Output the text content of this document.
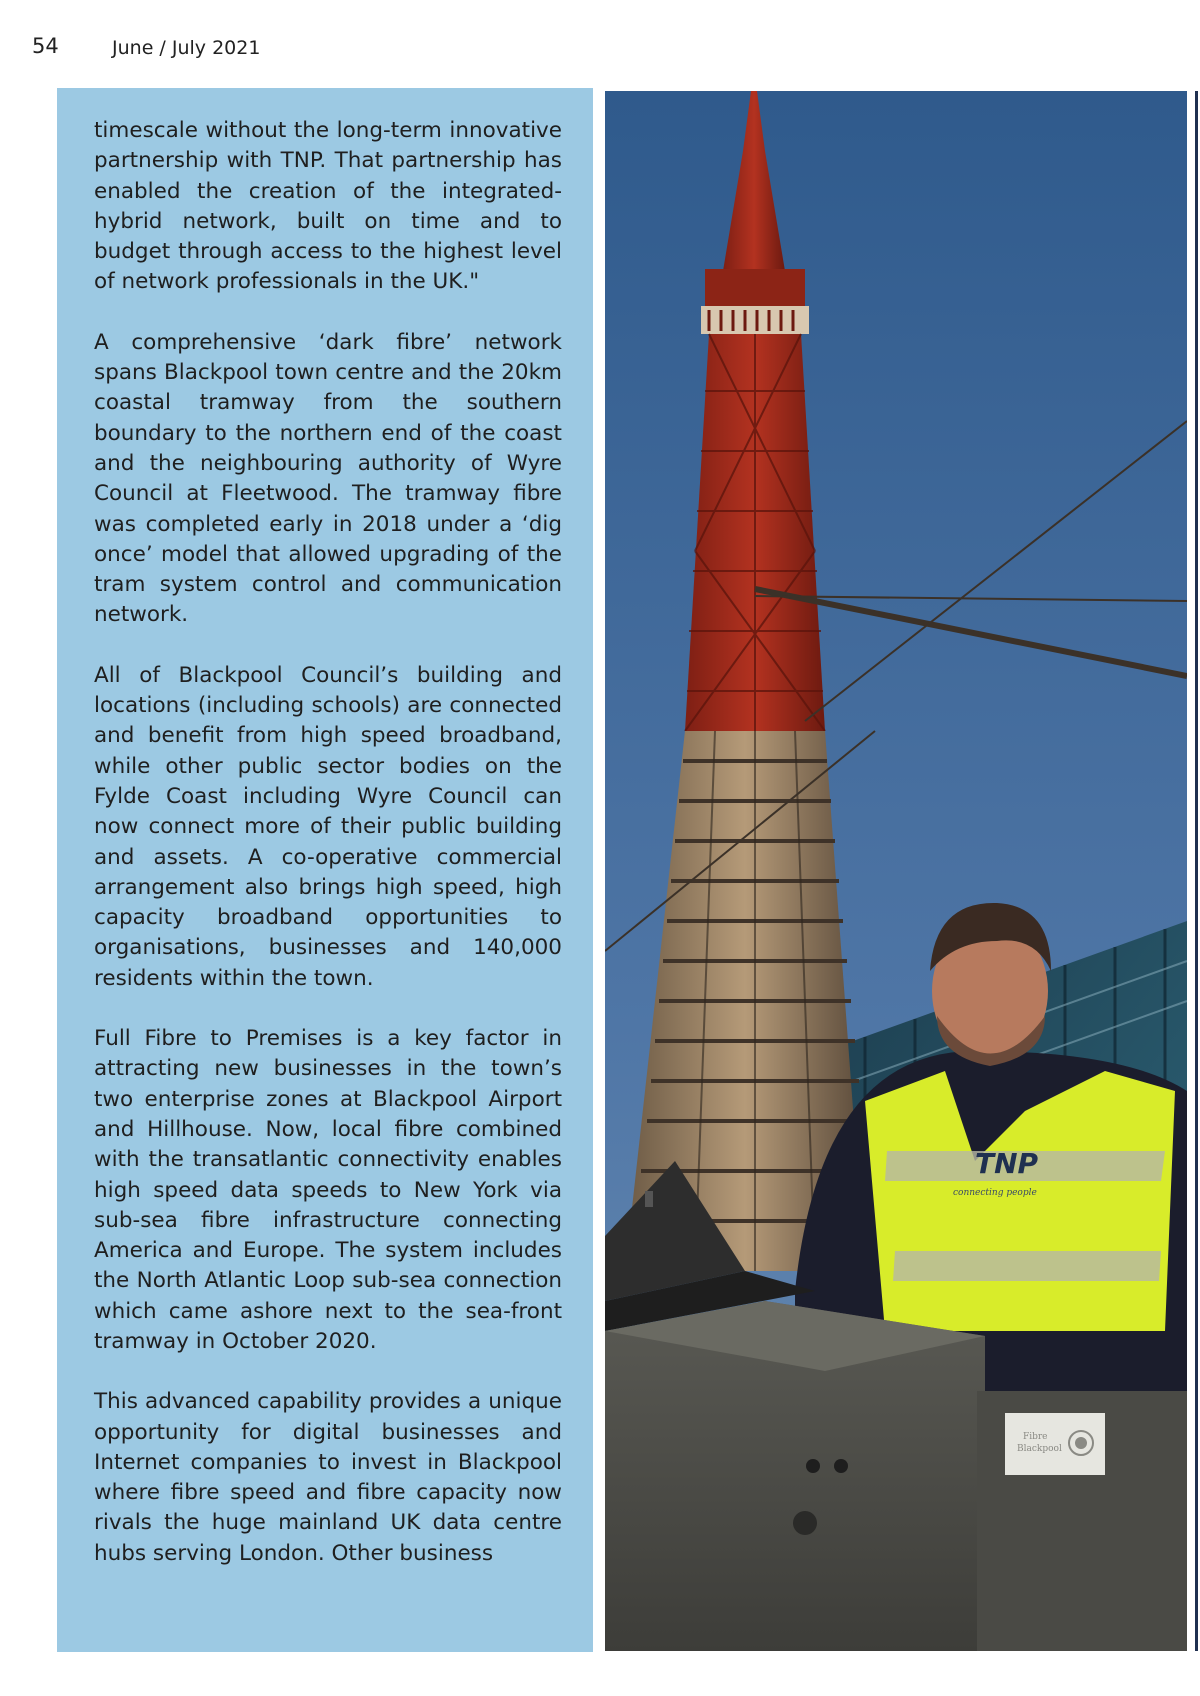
54	June / July 2021

timescale without the long-term innovative partnership with TNP. That partnership has enabled the creation of the integrated-hybrid network, built on time and to budget through access to the highest level of network professionals in the UK."

A comprehensive ‘dark fibre’ network spans Blackpool town centre and the 20km coastal tramway from the southern boundary to the northern end of the coast and the neighbouring authority of Wyre Council at Fleetwood. The tramway fibre was completed early in 2018 under a ‘dig once’ model that allowed upgrading of the tram system control and communication network.

All of Blackpool Council’s building and locations (including schools) are connected and benefit from high speed broadband, while other public sector bodies on the Fylde Coast including Wyre Council can now connect more of their public building and assets. A co-operative commercial arrangement also brings high speed, high capacity broadband opportunities to organisations, businesses and 140,000 residents within the town.

Full Fibre to Premises is a key factor in attracting new businesses in the town’s two enterprise zones at Blackpool Airport and Hillhouse. Now, local fibre combined with the transatlantic connectivity enables high speed data speeds to New York via sub-sea fibre infrastructure connecting America and Europe. The system includes the North Atlantic Loop sub-sea connection which came ashore next to the sea-front tramway in October 2020.

This advanced capability provides a unique opportunity for digital businesses and Internet companies to invest in Blackpool where fibre speed and fibre capacity now rivals the huge mainland UK data centre hubs serving London. Other business

TNP
connecting people
Fibre
Blackpool
